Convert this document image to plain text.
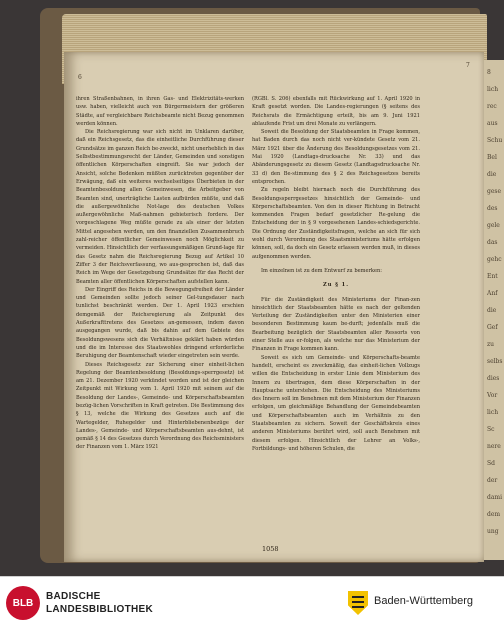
6
7
8
lich
rec
aus
Schu
Bel
die
gese
des
gele
das
gehc
Ent
Anf
die
Gef
zu
selbs
dies
Vor
lich
Sc
nere
Sd
der
dami
dem
ung

ihren Straßenbahnen, in ihren Gas- und Elektrizitäts-werken usw. haben, vielleicht auch von Bürgermeistern der größeren Städte, auf vergleichbare Reichsbeamte nicht Bezug genommen werden können.

Die Reichsregierung war sich nicht im Unklaren darüber, daß ein Reichsgesetz, das die einheitliche Durchführung dieser Grundsätze im ganzen Reich be-zweckt, nicht unerheblich in das Selbstbestimmungsrecht der Länder, Gemeinden und sonstigen öffentlichen Körperschaften eingreift. Sie war jedoch der Ansicht, solche Bedenken müßten zurücktreten gegenüber der Erwägung, daß ein weiteres wechselseitiges Überbieten in der Beamtenbesoldung allen Gemeinwesen, die Arbeitgeber von Beamten sind, unerträgliche Lasten aufbürden müßte, und daß die außergewöhnliche Not-lage des deutschen Volkes außergewöhnliche Maß-nahmen gebieterisch fordere. Der vorgeschlagene Weg müßte gerade zu als einer der letzten Mittel angesehen werden, um den finanziellen Zusammenbruch zahl-reicher öffentlicher Gemeinwesen noch Möglichkeit zu vermeiden. Hinsichtlich der verfassungsmäßigen Grund-lage für das Gesetz nahm die Reichsregierung Bezug auf Artikel 10 Ziffer 3 der Reichsverfassung, wo aus-gesprochen ist, daß das Reich im Wege der Gesetzgebung Grundsätze für das Recht der Beamten aller öffentlichen Körperschaften aufstellen kann.

Der Eingriff des Reichs in die Bewegungsfreiheit der Länder und Gemeinden sollte jedoch seiner Gel-tungsdauer nach tunlichst beschränkt werden. Der 1. April 1923 erschien demgemäß der Reichsregierung als Zeitpunkt des Außerkrafttretens des Gesetzes an-gemessen, indem davon ausgegangen wurde, daß bis dahin auf dem Gebiete des Besoldungswesens sich die Verhältnisse geklärt haben würden und die im Interesse des Staatswohles dringend erforderliche Beruhigung der Beamtenschaft wieder eingetreten sein werde.

Dieses Reichsgesetz zur Sicherung einer einheit-lichen Regelung der Beamtenbesoldung (Besoldungs-sperrgesetz) ist am 21. Dezember 1920 verkündet worden und ist der gleichen Zeitpunkt mit Wirkung vom 1. April 1920 mit seinem auf die Besoldung der Landes-, Gemeinde- und Körperschaftsbeamten bezüg-lichen Vorschriften in Kraft getreten. Die Bestimmung des § 13, welche die Wirkung des Gesetzes auch auf die Wartegelder, Ruhegelder und Hinterbliebenenbezüge der Landes-, Gemeinde- und Körperschaftsbeamten aus-dehnt, ist gemäß § 14 des Gesetzes durch Verordnung des Reichsministers der Finanzen vom 1. März 1921

(RGBl. S. 206) ebenfalls mit Rückwirkung auf 1. April 1920 in Kraft gesetzt worden. Die Landes-regierungen (§ seitens des Reichsrats die Ermächtigung erteilt, bis am 9. Juni 1921 ablaufende Frist um drei Monate zu verlängern.

Soweit die Besoldung der Staatsbeamten in Frage kommen, hat Baden durch das noch nicht ver-kündete Gesetz vom 21. März 1921 über die Änderung des Besoldungsgesetzes vom 21. Mai 1920 (Landtags-drucksache Nr. 33) und das Abänderungsgesetz zu diesem Gesetz (Landtagsdrucksache Nr. 33 d) den Be-stimmung des § 2 des Reichsgesetzes bereits entsprochen.

Zu regeln bleibt hiernach noch die Durchführung des Besoldungssperrgesetzes hinsichtlich der Gemeinde- und Körperschaftsbeamten. Von den in dieser Richtung in Betracht kommenden Fragen bedarf gesetzlicher Re-gelung die Entscheidung der in § 9 vorgesehenen Landes-schiedsgerichte. Die Ordnung der Zuständigkeitsfragen, welche an sich für sich wohl durch Verordnung des Staatsministeriums hätte erfolgen können, soll, da doch ein Gesetz erlassen werden muß, in dieses aufgenommen werden.

Im einzelnen ist zu dem Entwurf zu bemerken:

Zu § 1.

Für die Zuständigkeit des Ministeriums der Finan-zen hinsichtlich der Staatsbeamten hätte es nach der geltenden Verteilung der Zuständigkeiten unter den Ministerien einer besonderen Bestimmung kaum be-durft; jedenfalls muß die Bearbeitung bezüglich der Staatsbeamten aller Ressorts von einer Stelle aus er-folgen, als welche nur das Ministerium der Finanzen in Frage kommen kann.

Soweit es sich um Gemeinde- und Körperschafts-beamte handelt, erscheint es zweckmäßig, das einheit-lichen Vollzugs willen die Entscheidung in erster Linie dem Ministerium des Innern zu übertragen, dem diese Körperschaften in der Hauptsache unterstehen. Die Entscheidung des Ministeriums des Innern soll im Benehmen mit dem Ministerium der Finanzen erfolgen, um gleichmäßige Behandlung der Gemeindebeamten und Körperschaftsbeamten auch im Verhältnis zu den Staatsbeamten zu sichern. Soweit der Geschäftskreis eines anderen Ministeriums berührt wird, soll auch Benehmen mit diesem erfolgen. Hinsichtlich der Lehrer an Volks-, Fortbildungs- und höheren Schulen, die

1058
BLB
BADISCHE
LANDESBIBLIOTHEK
Baden-Württemberg
